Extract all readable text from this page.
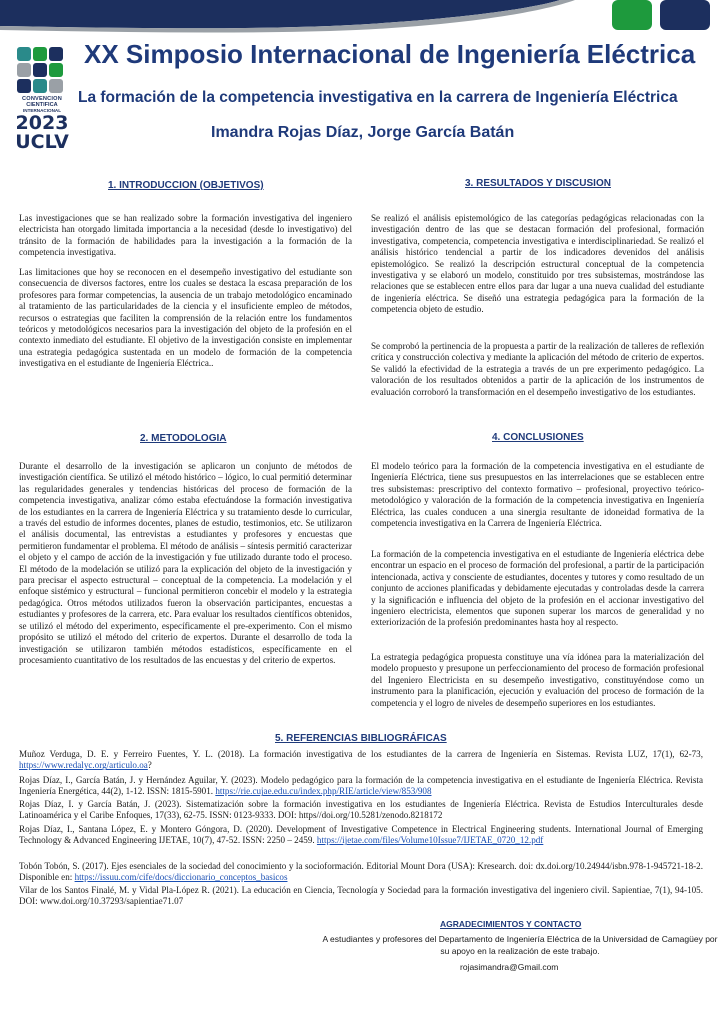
CONVENCION
CIENTIFICA
INTERNACIONAL
2023
UCLV
XX Simposio Internacional de Ingeniería Eléctrica
La formación de la competencia investigativa en la carrera de Ingeniería Eléctrica
Imandra Rojas Díaz, Jorge García Batán
1. INTRODUCCION (OBJETIVOS)

Las investigaciones que se han realizado sobre la formación investigativa del ingeniero electricista han otorgado limitada importancia a la necesidad (desde lo investigativo) del tránsito de la formación de habilidades para la investigación a la formación de la competencia investigativa.

Las limitaciones que hoy se reconocen en el desempeño investigativo del estudiante son consecuencia de diversos factores, entre los cuales se destaca la escasa preparación de los profesores para formar competencias, la ausencia de un trabajo metodológico encaminado al tratamiento de las particularidades de la ciencia y el insuficiente empleo de métodos, recursos o estrategias que faciliten la comprensión de la relación entre los fundamentos teóricos y metodológicos necesarios para la investigación del objeto de la profesión en el contexto inmediato del estudiante. El objetivo de la investigación consiste en implementar una estrategia pedagógica sustentada en un modelo de formación de la competencia investigativa en el estudiante de Ingeniería Eléctrica..

3. RESULTADOS Y DISCUSION

Se realizó el análisis epistemológico de las categorías pedagógicas relacionadas con la investigación dentro de las que se destacan formación del profesional, formación investigativa, competencia, competencia investigativa e interdisciplinariedad. Se realizó el análisis histórico tendencial a partir de los indicadores devenidos del análisis epistemológico. Se realizó la descripción estructural conceptual de la competencia investigativa y se elaboró un modelo, constituido por tres subsistemas, mostrándose las relaciones que se establecen entre ellos para dar lugar a una nueva cualidad del estudiante de ingeniería eléctrica. Se diseñó una estrategia pedagógica para la formación de la competencia objeto de estudio.

Se comprobó la pertinencia de la propuesta a partir de la realización de talleres de reflexión crítica y construcción colectiva y mediante la aplicación del método de criterio de expertos. Se validó la efectividad de la estrategia a través de un pre experimento pedagógico. La valoración de los resultados obtenidos a partir de la aplicación de los instrumentos de evaluación corroboró la transformación en el desempeño investigativo de los estudiantes.

2. METODOLOGIA

Durante el desarrollo de la investigación se aplicaron un conjunto de métodos de investigación científica. Se utilizó el método histórico – lógico, lo cual permitió determinar las regularidades generales y tendencias históricas del proceso de formación de la competencia investigativa, analizar cómo estaba efectuándose la formación investigativa de los estudiantes en la carrera de Ingeniería Eléctrica y su tratamiento desde lo curricular, a través del estudio de informes docentes, planes de estudio, testimonios, etc. Se utilizaron el análisis documental, las entrevistas a estudiantes y profesores y encuestas que permitieron fundamentar el problema. El método de análisis – síntesis permitió caracterizar el objeto y el campo de acción de la investigación y fue utilizado durante todo el proceso. El método de la modelación se utilizó para la explicación del objeto de la investigación y para precisar el aspecto estructural – conceptual de la competencia. La modelación y el enfoque sistémico y estructural – funcional permitieron concebir el modelo y la estrategia pedagógica. Otros métodos utilizados fueron la observación participantes, encuestas a estudiantes y profesores de la carrera, etc. Para evaluar los resultados científicos obtenidos, se utilizó el método del experimento, específicamente el pre-experimento. Con el mismo propósito se utilizó el método del criterio de expertos. Durante el desarrollo de toda la investigación se utilizaron también métodos estadísticos, específicamente en el procesamiento cuantitativo de los resultados de las encuestas y del criterio de expertos.

4. CONCLUSIONES

El modelo teórico para la formación de la competencia investigativa en el estudiante de Ingeniería Eléctrica, tiene sus presupuestos en las interrelaciones que se establecen entre tres subsistemas: prescriptivo del contexto formativo – profesional, proyectivo teórico-metodológico y valoración de la formación de la competencia investigativa en Ingeniería Eléctrica, las cuales conducen a una sinergia resultante de idoneidad formativa de la competencia investigativa en la Carrera de Ingeniería Eléctrica.

La formación de la competencia investigativa en el estudiante de Ingeniería eléctrica debe encontrar un espacio en el proceso de formación del profesional, a partir de la participación intencionada, activa y consciente de estudiantes, docentes y tutores y como resultado de un conjunto de acciones planificadas y debidamente ejecutadas y controladas desde la carrera y la significación e influencia del objeto de la profesión en el accionar investigativo del ingeniero electricista, elementos que suponen superar los marcos de generalidad y no exteriorización de la profesión predominantes hasta hoy al respecto.

La estrategia pedagógica propuesta constituye una vía idónea para la materialización del modelo propuesto y presupone un perfeccionamiento del proceso de formación profesional del Ingeniero Electricista en su desempeño investigativo, constituyéndose como un instrumento para la planificación, ejecución y evaluación del proceso de formación de la competencia y el logro de niveles de desempeño superiores en los estudiantes.

5. REFERENCIAS BIBLIOGRÁFICAS

Muñoz Verduga, D. E. y Ferreiro Fuentes, Y. L. (2018). La formación investigativa de los estudiantes de la carrera de Ingeniería en Sistemas. Revista LUZ, 17(1), 62-73, https://www.redalyc.org/articulo.oa?

Rojas Díaz, I., García Batán, J. y Hernández Aguilar, Y. (2023). Modelo pedagógico para la formación de la competencia investigativa en el estudiante de Ingeniería Eléctrica. Revista Ingeniería Energética, 44(2), 1-12. ISSN: 1815-5901. https://rie.cujae.edu.cu/index.php/RIE/article/view/853/908

Rojas Díaz, I. y García Batán, J. (2023). Sistematización sobre la formación investigativa en los estudiantes de Ingeniería Eléctrica. Revista de Estudios Interculturales desde Latinoamérica y el Caribe Enfoques, 17(33), 62-75. ISSN: 0123-9333. DOI: https//doi.org/10.5281/zenodo.8218172

Rojas Díaz, I., Santana López, E. y Montero Góngora, D. (2020). Development of Investigative Competence in Electrical Engineering students. International Journal of Emerging Technology & Advanced Engineering IJETAE, 10(7), 47-52. ISSN: 2250 – 2459. https://ijetae.com/files/Volume10Issue7/IJETAE_0720_12.pdf

Tobón Tobón, S. (2017). Ejes esenciales de la sociedad del conocimiento y la socioformación. Editorial Mount Dora (USA): Kresearch. doi: dx.doi.org/10.24944/isbn.978-1-945721-18-2. Disponible en: https://issuu.com/cife/docs/diccionario_conceptos_basicos

Vilar de los Santos Finalé, M. y Vidal Pla-López R. (2021). La educación en Ciencia, Tecnología y Sociedad para la formación investigativa del ingeniero civil. Sapientiae, 7(1), 94-105. DOI: www.doi.org/10.37293/sapientiae71.07

AGRADECIMIENTOS Y CONTACTO

A estudiantes y profesores del Departamento de Ingeniería Eléctrica de la Universidad de Camagüey por su apoyo en la realización de este trabajo.

rojasimandra@Gmail.com
